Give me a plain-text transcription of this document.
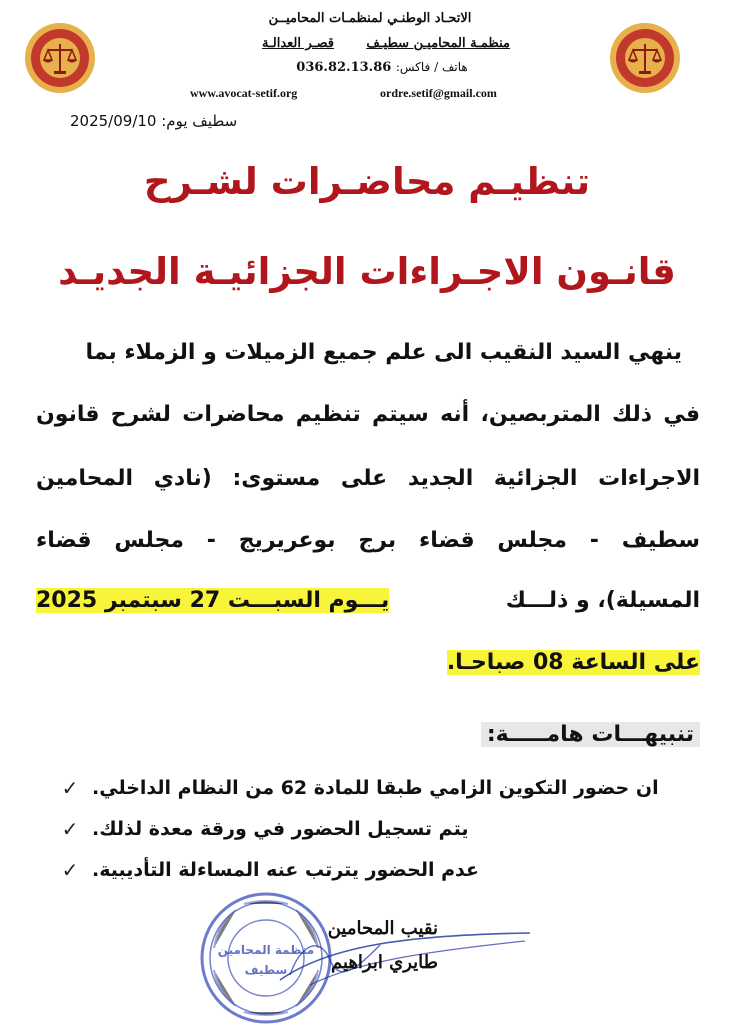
الاتحـاد الوطنـي لمنظمـات المحاميــن
منظمـة المحاميـن سطيـف
قصـر العدالـة
036.82.13.86 هاتف / فاكس:
www.avocat-setif.org	ordre.setif@gmail.com
2025/09/10 سطيف يوم:
تنظيـم محاضـرات لشـرح
قانـون الاجـراءات الجزائيـة الجديـد
ينهي السيد النقيب الى علم جميع الزميلات و الزملاء بما
في ذلك المتربصين، أنه سيتم تنظيم محاضرات لشرح قانون
الاجراءات الجزائية الجديد على مستوى: (نادي المحامين
سطيف - مجلس قضاء برج بوعريريج - مجلس قضاء
المسيلة)، و ذلـــك
يـــوم السبـــت 27 سبتمبر 2025
على الساعة 08 صباحـا.
تنبيهـــات هامـــــة:
✓ ان حضور التكوين الزامي طبقا للمادة 62 من النظام الداخلي.
✓ يتم تسجيل الحضور في ورقة معدة لذلك.
✓ عدم الحضور يترتب عنه المساءلة التأديبية.
منظمة المحامين
سطيف
نقيب المحامين
طايري ابراهيم
